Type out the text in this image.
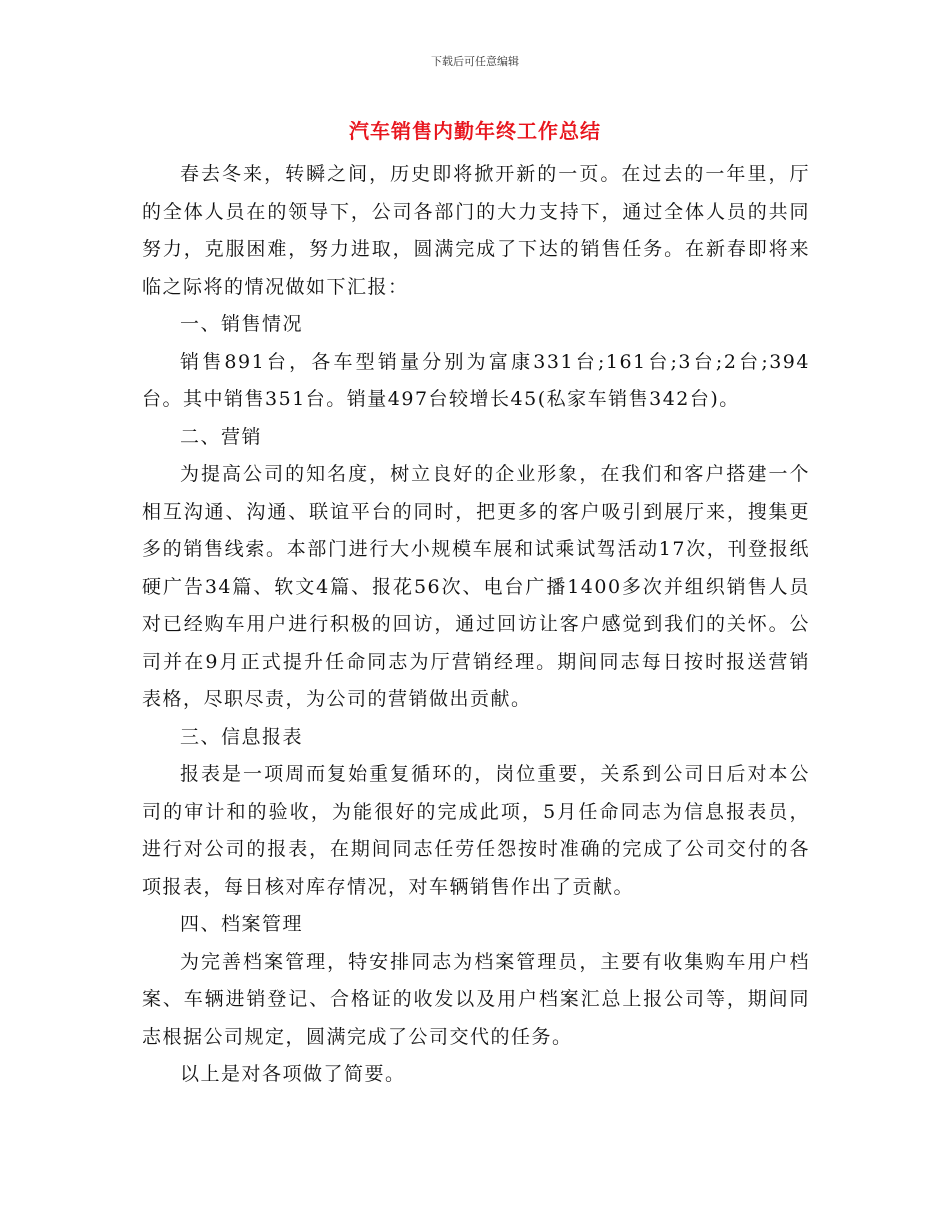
下载后可任意编辑
汽车销售内勤年终工作总结

春去冬来，转瞬之间，历史即将掀开新的一页。在过去的一年里，厅的全体人员在的领导下，公司各部门的大力支持下，通过全体人员的共同努力，克服困难，努力进取，圆满完成了下达的销售任务。在新春即将来临之际将的情况做如下汇报：

一、销售情况

销售891台，各车型销量分别为富康331台;161台;3台;2台;394台。其中销售351台。销量497台较增长45(私家车销售342台)。

二、营销

为提高公司的知名度，树立良好的企业形象，在我们和客户搭建一个相互沟通、沟通、联谊平台的同时，把更多的客户吸引到展厅来，搜集更多的销售线索。本部门进行大小规模车展和试乘试驾活动17次，刊登报纸硬广告34篇、软文4篇、报花56次、电台广播1400多次并组织销售人员对已经购车用户进行积极的回访，通过回访让客户感觉到我们的关怀。公司并在9月正式提升任命同志为厅营销经理。期间同志每日按时报送营销表格，尽职尽责，为公司的营销做出贡献。

三、信息报表

报表是一项周而复始重复循环的，岗位重要，关系到公司日后对本公司的审计和的验收，为能很好的完成此项，5月任命同志为信息报表员，进行对公司的报表，在期间同志任劳任怨按时准确的完成了公司交付的各项报表，每日核对库存情况，对车辆销售作出了贡献。

四、档案管理

为完善档案管理，特安排同志为档案管理员，主要有收集购车用户档案、车辆进销登记、合格证的收发以及用户档案汇总上报公司等，期间同志根据公司规定，圆满完成了公司交代的任务。

以上是对各项做了简要。
